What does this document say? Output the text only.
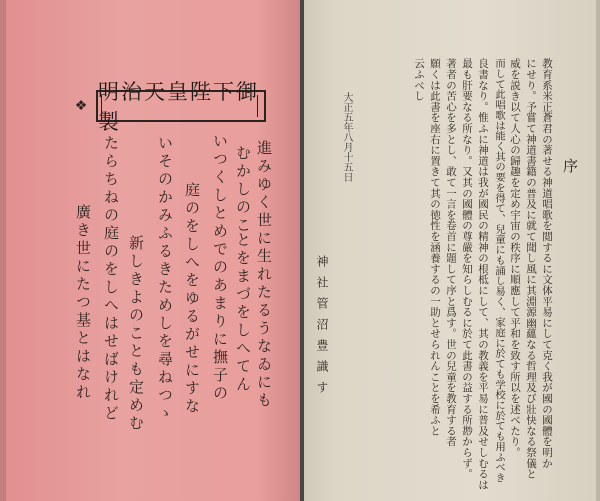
❖
明治天皇陛下御製
進みゆく世に生れたるうなゐにも
むかしのこ
とをまづをしへてん
いつくしとめでのあまりに撫子の
庭のをしへをゆるがせにすな
いそのかみふるきためしを尋ねつゝ
新しきよのことも定めむ
たらちねの庭のをしへはせばけれど
廣き世にたつ基とはなれ
序
教育系米正蒼君の著せる神道唱歌を閲するに文体平易にして克く我が國の國體を明か
にせり。予嘗て神道書籍の普及に就て聞し風に其淵源幽蘊なる哲理及び壯快なる祭儀と
威を説き以て人心の歸趣を定め宇宙の秩序に順應して平和を致す所以を述べたり。
而して此唱歌は能く其の要を得て、兒童にも誦し易く、家庭に於ても学校に於ても用ふべき
良書なり。惟ふに神道は我が國民の精神の根柢にして、其の教義を平易に普及せしむるは
最も肝要なる所なり。又其の國體の尊嚴を知らしむるに於て此書の益する所尠からず。
著者の苦心を多とし、敢て一言を卷首に題して序と爲す。世の兒童を教育する者
願くは此書を座右に置きて其の徳性を涵養するの一助とせられんことを希ふと
云ふべし
大正五年八月十五日
神社管沼豊識す
